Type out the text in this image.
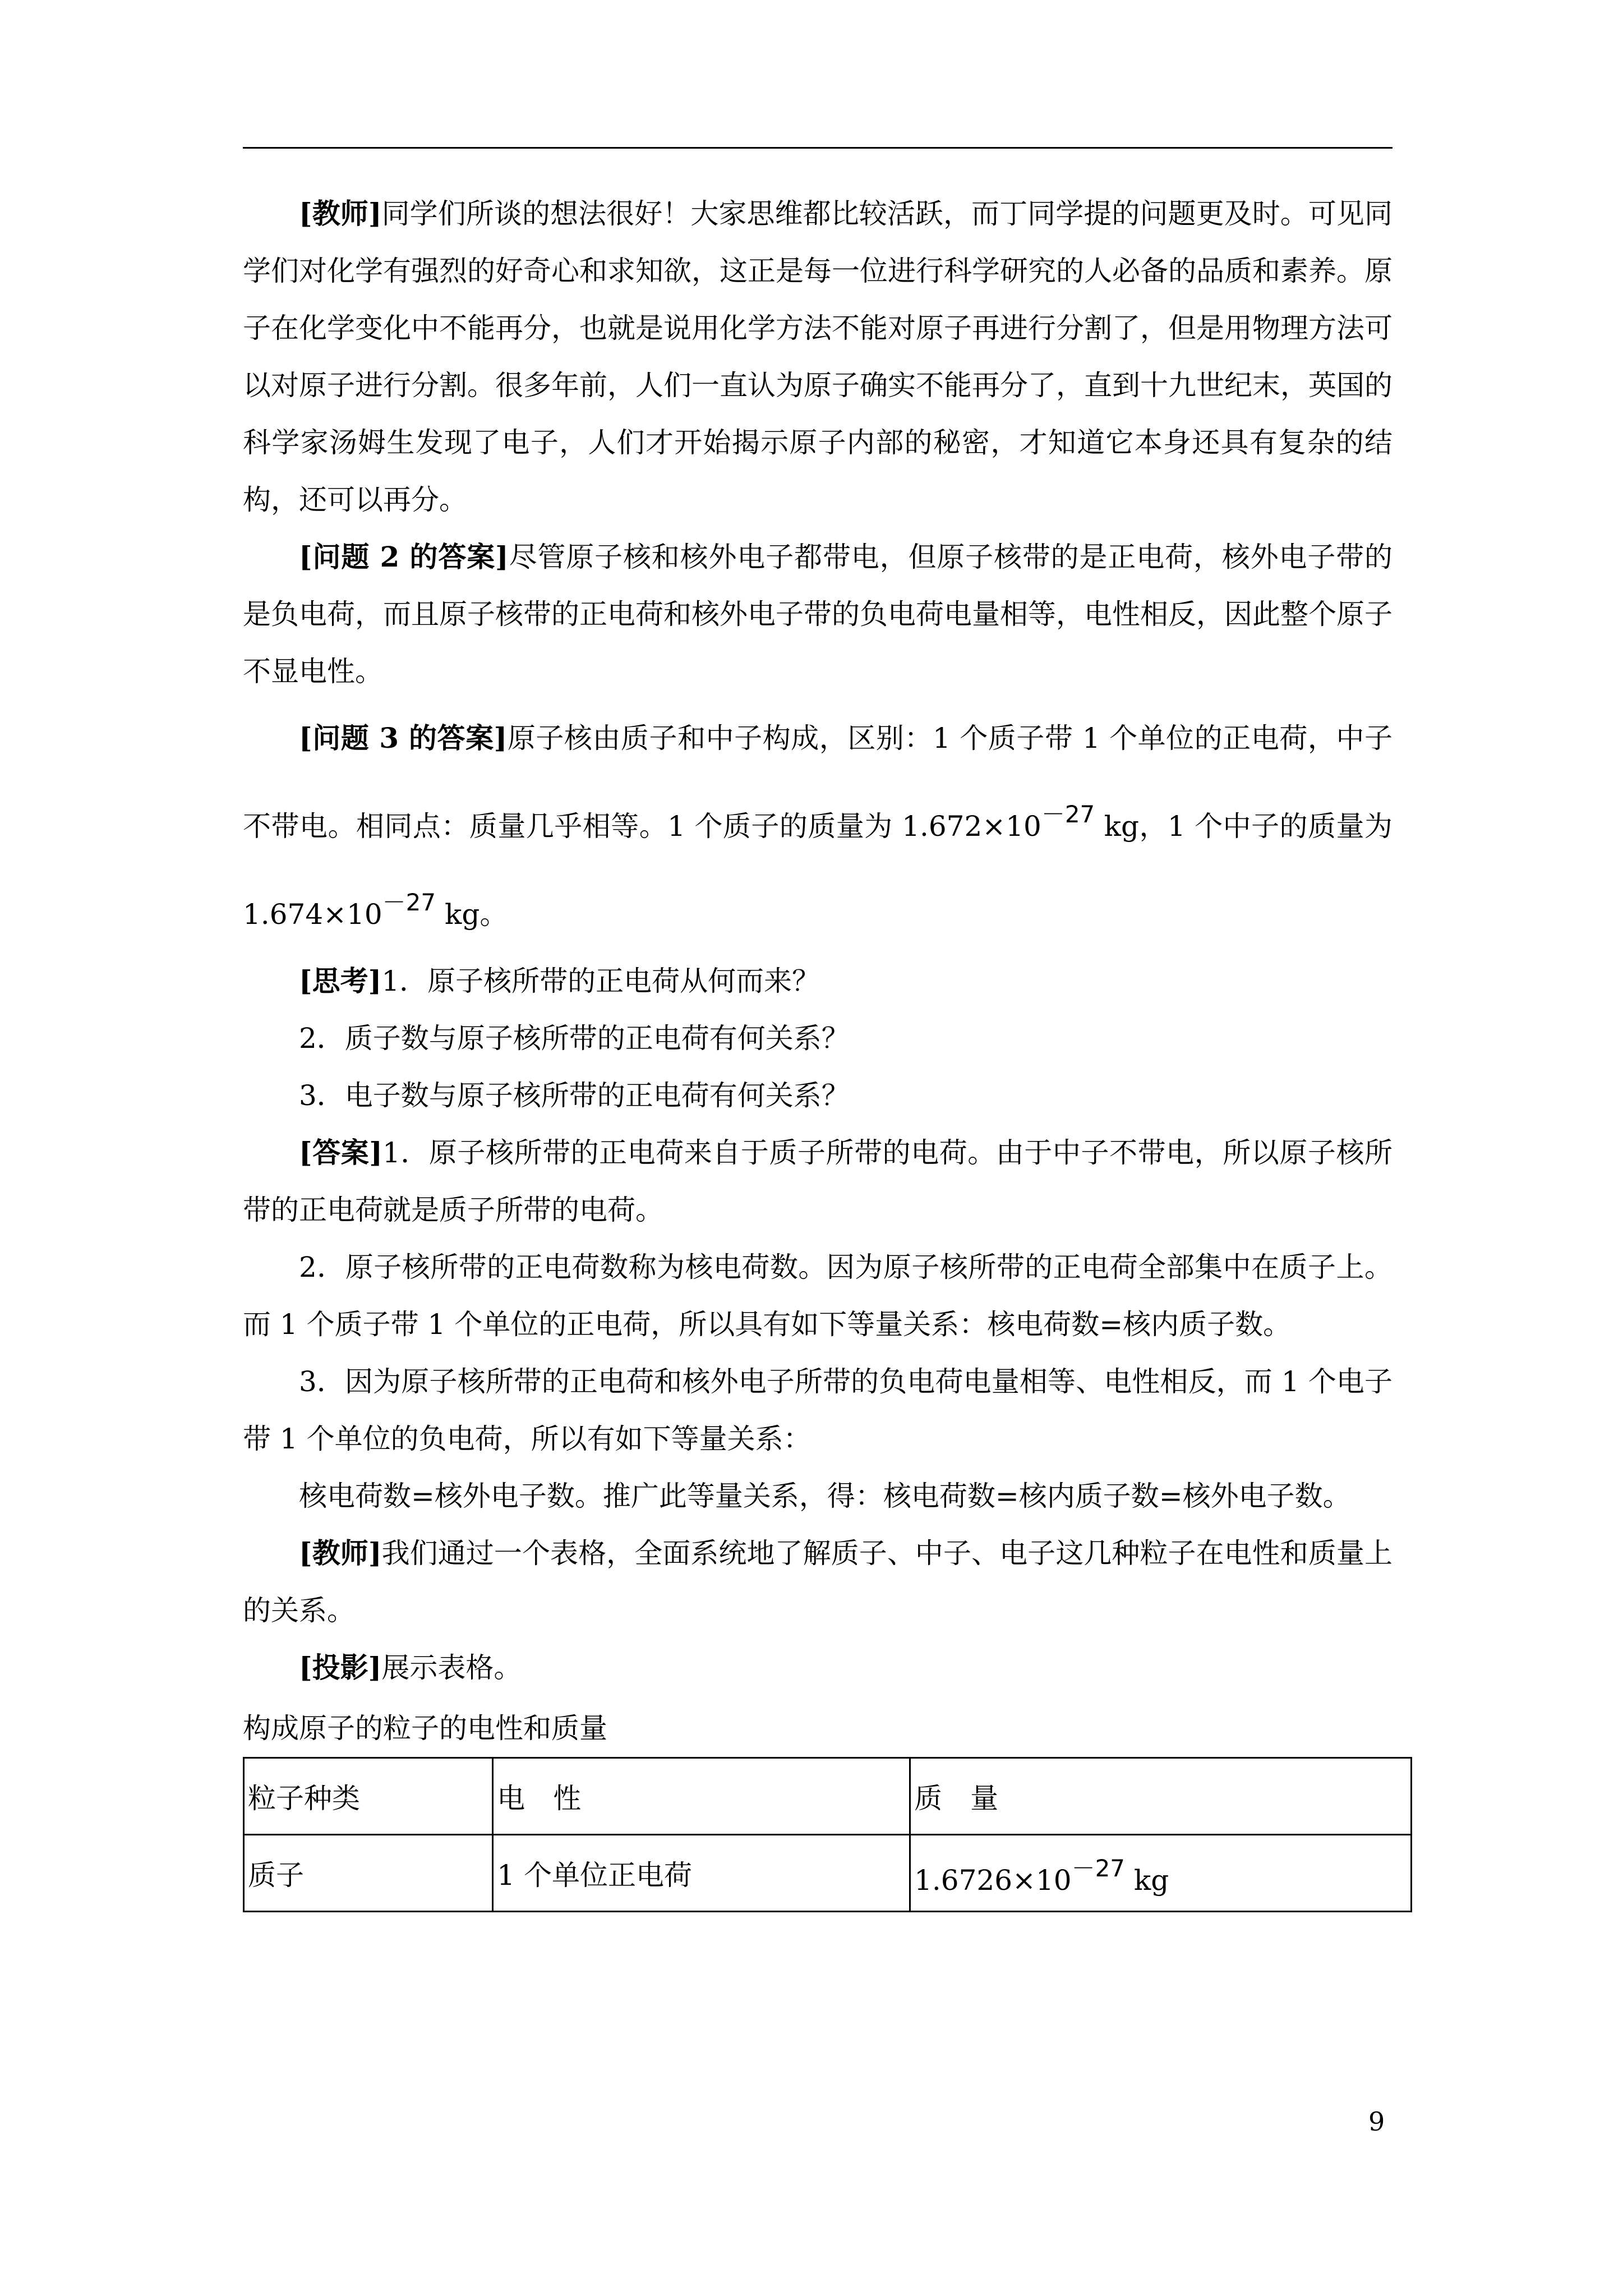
[教师]同学们所谈的想法很好！大家思维都比较活跃，而丁同学提的问题更及时。可见同学们对化学有强烈的好奇心和求知欲，这正是每一位进行科学研究的人必备的品质和素养。原子在化学变化中不能再分，也就是说用化学方法不能对原子再进行分割了，但是用物理方法可以对原子进行分割。很多年前，人们一直认为原子确实不能再分了，直到十九世纪末，英国的科学家汤姆生发现了电子，人们才开始揭示原子内部的秘密，才知道它本身还具有复杂的结构，还可以再分。

[问题 2 的答案]尽管原子核和核外电子都带电，但原子核带的是正电荷，核外电子带的是负电荷，而且原子核带的正电荷和核外电子带的负电荷电量相等，电性相反，因此整个原子不显电性。

[问题 3 的答案]原子核由质子和中子构成，区别：1 个质子带 1 个单位的正电荷，中子不带电。相同点：质量几乎相等。1 个质子的质量为 $1.672\times 10^{-27}$ kg，1 个中子的质量为 $1.674\times 10^{-27}$ kg。

[思考]1．原子核所带的正电荷从何而来？

2．质子数与原子核所带的正电荷有何关系？

3．电子数与原子核所带的正电荷有何关系？

[答案]1．原子核所带的正电荷来自于质子所带的电荷。由于中子不带电，所以原子核所带的正电荷就是质子所带的电荷。

2．原子核所带的正电荷数称为核电荷数。因为原子核所带的正电荷全部集中在质子上。而 1 个质子带 1 个单位的正电荷，所以具有如下等量关系：核电荷数=核内质子数。

3．因为原子核所带的正电荷和核外电子所带的负电荷电量相等、电性相反，而 1 个电子带 1 个单位的负电荷，所以有如下等量关系：

核电荷数=核外电子数。推广此等量关系，得：核电荷数=核内质子数=核外电子数。

[教师]我们通过一个表格，全面系统地了解质子、中子、电子这几种粒子在电性和质量上的关系。

[投影]展示表格。

构成原子的粒子的电性和质量

粒子种类	电　性	质　量
质子	1 个单位正电荷	$1.6726\times 10^{-27}$ kg
9
